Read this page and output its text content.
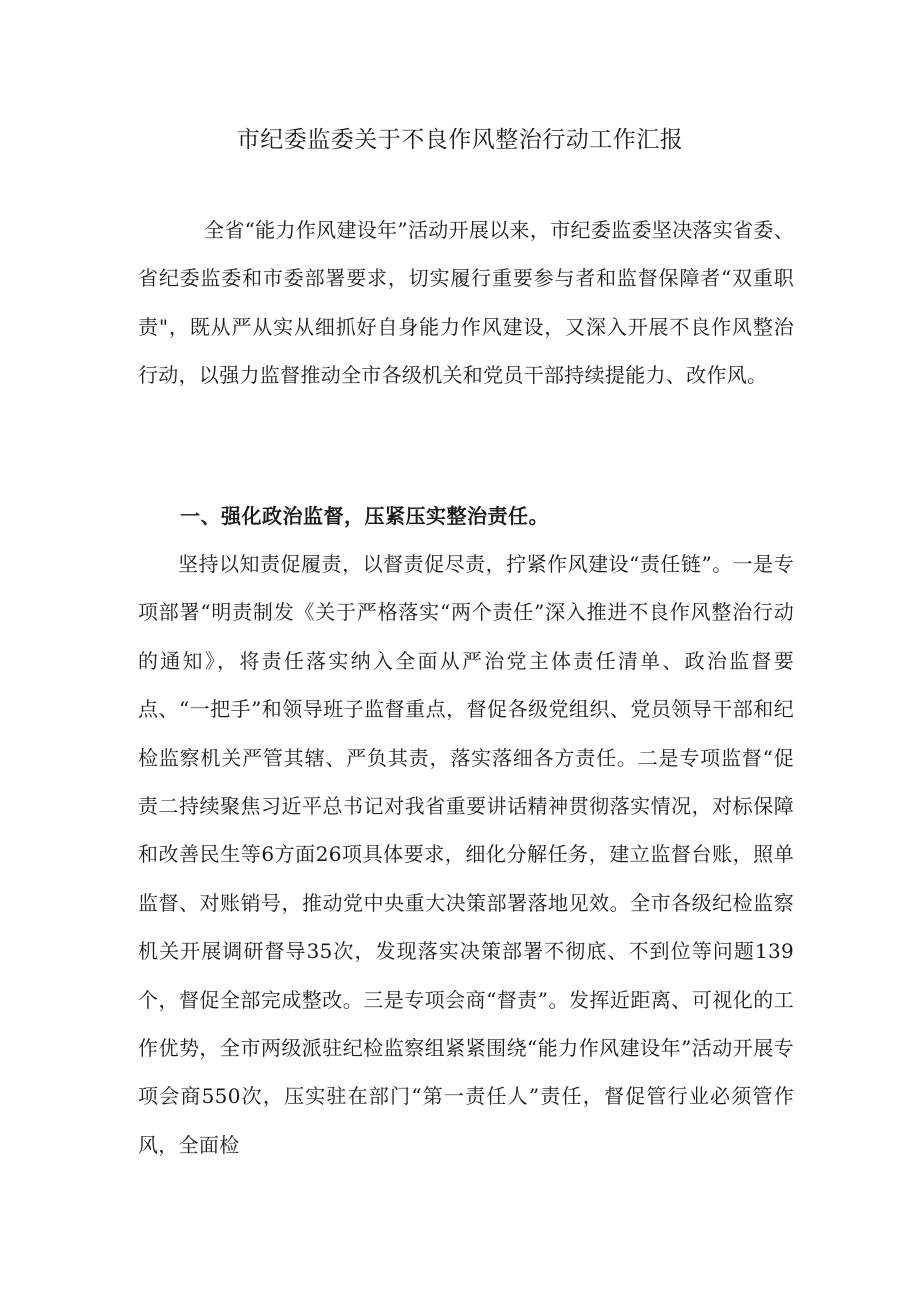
市纪委监委关于不良作风整治行动工作汇报

全省“能力作风建设年”活动开展以来，市纪委监委坚决落实省委、省纪委监委和市委部署要求，切实履行重要参与者和监督保障者“双重职责"，既从严从实从细抓好自身能力作风建设，又深入开展不良作风整治行动，以强力监督推动全市各级机关和党员干部持续提能力、改作风。

一、强化政治监督，压紧压实整治责任。

坚持以知责促履责，以督责促尽责，拧紧作风建设“责任链”。一是专项部署“明责制发《关于严格落实“两个责任”深入推进不良作风整治行动的通知》，将责任落实纳入全面从严治党主体责任清单、政治监督要点、“一把手”和领导班子监督重点，督促各级党组织、党员领导干部和纪检监察机关严管其辖、严负其责，落实落细各方责任。二是专项监督“促责二持续聚焦习近平总书记对我省重要讲话精神贯彻落实情况，对标保障和改善民生等6方面26项具体要求，细化分解任务，建立监督台账，照单监督、对账销号，推动党中央重大决策部署落地见效。全市各级纪检监察机关开展调研督导35次，发现落实决策部署不彻底、不到位等问题139个，督促全部完成整改。三是专项会商“督责”。发挥近距离、可视化的工作优势，全市两级派驻纪检监察组紧紧围绕“能力作风建设年”活动开展专项会商550次，压实驻在部门“第一责任人”责任，督促管行业必须管作风，全面检
